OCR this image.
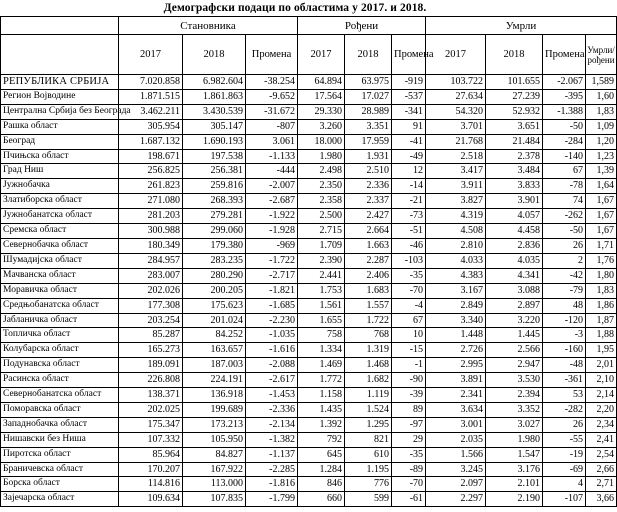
Демографски подаци по областима у 2017. и 2018.
	Становника			Рођени			Умрли			
	2017	2018	Промена	2017	2018	Промена	2017	2018	Промена	Умрли/рођени
РЕПУБЛИКА СРБИЈА	7.020.858	6.982.604	-38.254	64.894	63.975	-919	103.722	101.655	-2.067	1,589
Регион Војводине	1.871.515	1.861.863	-9.652	17.564	17.027	-537	27.634	27.239	-395	1,60
Централна Србија без Београда	3.462.211	3.430.539	-31.672	29.330	28.989	-341	54.320	52.932	-1.388	1,83
Рашка област	305.954	305.147	-807	3.260	3.351	91	3.701	3.651	-50	1,09
Београд	1.687.132	1.690.193	3.061	18.000	17.959	-41	21.768	21.484	-284	1,20
Пчињска област	198.671	197.538	-1.133	1.980	1.931	-49	2.518	2.378	-140	1,23
Град Ниш	256.825	256.381	-444	2.498	2.510	12	3.417	3.484	67	1,39
Јужнобачка	261.823	259.816	-2.007	2.350	2.336	-14	3.911	3.833	-78	1,64
Златиборска област	271.080	268.393	-2.687	2.358	2.337	-21	3.827	3.901	74	1,67
Јужнобанатска област	281.203	279.281	-1.922	2.500	2.427	-73	4.319	4.057	-262	1,67
Сремска област	300.988	299.060	-1.928	2.715	2.664	-51	4.508	4.458	-50	1,67
Севернобачка област	180.349	179.380	-969	1.709	1.663	-46	2.810	2.836	26	1,71
Шумадијска област	284.957	283.235	-1.722	2.390	2.287	-103	4.033	4.035	2	1,76
Мачванска област	283.007	280.290	-2.717	2.441	2.406	-35	4.383	4.341	-42	1,80
Моравичка област	202.026	200.205	-1.821	1.753	1.683	-70	3.167	3.088	-79	1,83
Средњобанатска област	177.308	175.623	-1.685	1.561	1.557	-4	2.849	2.897	48	1,86
Јабланичка област	203.254	201.024	-2.230	1.655	1.722	67	3.340	3.220	-120	1,87
Топличка област	85.287	84.252	-1.035	758	768	10	1.448	1.445	-3	1,88
Колубарска област	165.273	163.657	-1.616	1.334	1.319	-15	2.726	2.566	-160	1,95
Подунавска област	189.091	187.003	-2.088	1.469	1.468	-1	2.995	2.947	-48	2,01
Расинска област	226.808	224.191	-2.617	1.772	1.682	-90	3.891	3.530	-361	2,10
Севернобанатска област	138.371	136.918	-1.453	1.158	1.119	-39	2.341	2.394	53	2,14
Поморавска област	202.025	199.689	-2.336	1.435	1.524	89	3.634	3.352	-282	2,20
Западнобачка област	175.347	173.213	-2.134	1.392	1.295	-97	3.001	3.027	26	2,34
Нишавски без Ниша	107.332	105.950	-1.382	792	821	29	2.035	1.980	-55	2,41
Пиротска област	85.964	84.827	-1.137	645	610	-35	1.566	1.547	-19	2,54
Браничевска област	170.207	167.922	-2.285	1.284	1.195	-89	3.245	3.176	-69	2,66
Борска област	114.816	113.000	-1.816	846	776	-70	2.097	2.101	4	2,71
Зајечарска област	109.634	107.835	-1.799	660	599	-61	2.297	2.190	-107	3,66
